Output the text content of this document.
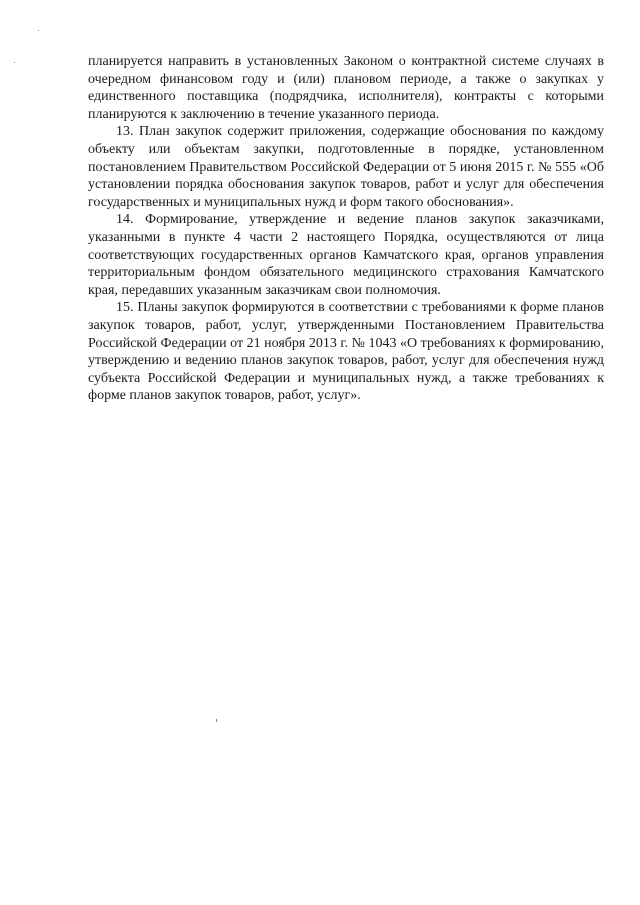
планируется направить в установленных Законом о контрактной системе случаях в очередном финансовом году и (или) плановом периоде, а также о закупках у единственного поставщика (подрядчика, исполнителя), контракты с которыми планируются к заключению в течение указанного периода.

13. План закупок содержит приложения, содержащие обоснования по каждому объекту или объектам закупки, подготовленные в порядке, установленном постановлением Правительством Российской Федерации от 5 июня 2015 г. № 555 «Об установлении порядка обоснования закупок товаров, работ и услуг для обеспечения государственных и муниципальных нужд и форм такого обоснования».

14. Формирование, утверждение и ведение планов закупок заказчиками, указанными в пункте 4 части 2 настоящего Порядка, осуществляются от лица соответствующих государственных органов Камчатского края, органов управления территориальным фондом обязательного медицинского страхования Камчатского края, передавших указанным заказчикам свои полномочия.

15. Планы закупок формируются в соответствии с требованиями к форме планов закупок товаров, работ, услуг, утвержденными Постановлением Правительства Российской Федерации от 21 ноября 2013 г. № 1043 «О требованиях к формированию, утверждению и ведению планов закупок товаров, работ, услуг для обеспечения нужд субъекта Российской Федерации и муниципальных нужд, а также требованиях к форме планов закупок товаров, работ, услуг».
